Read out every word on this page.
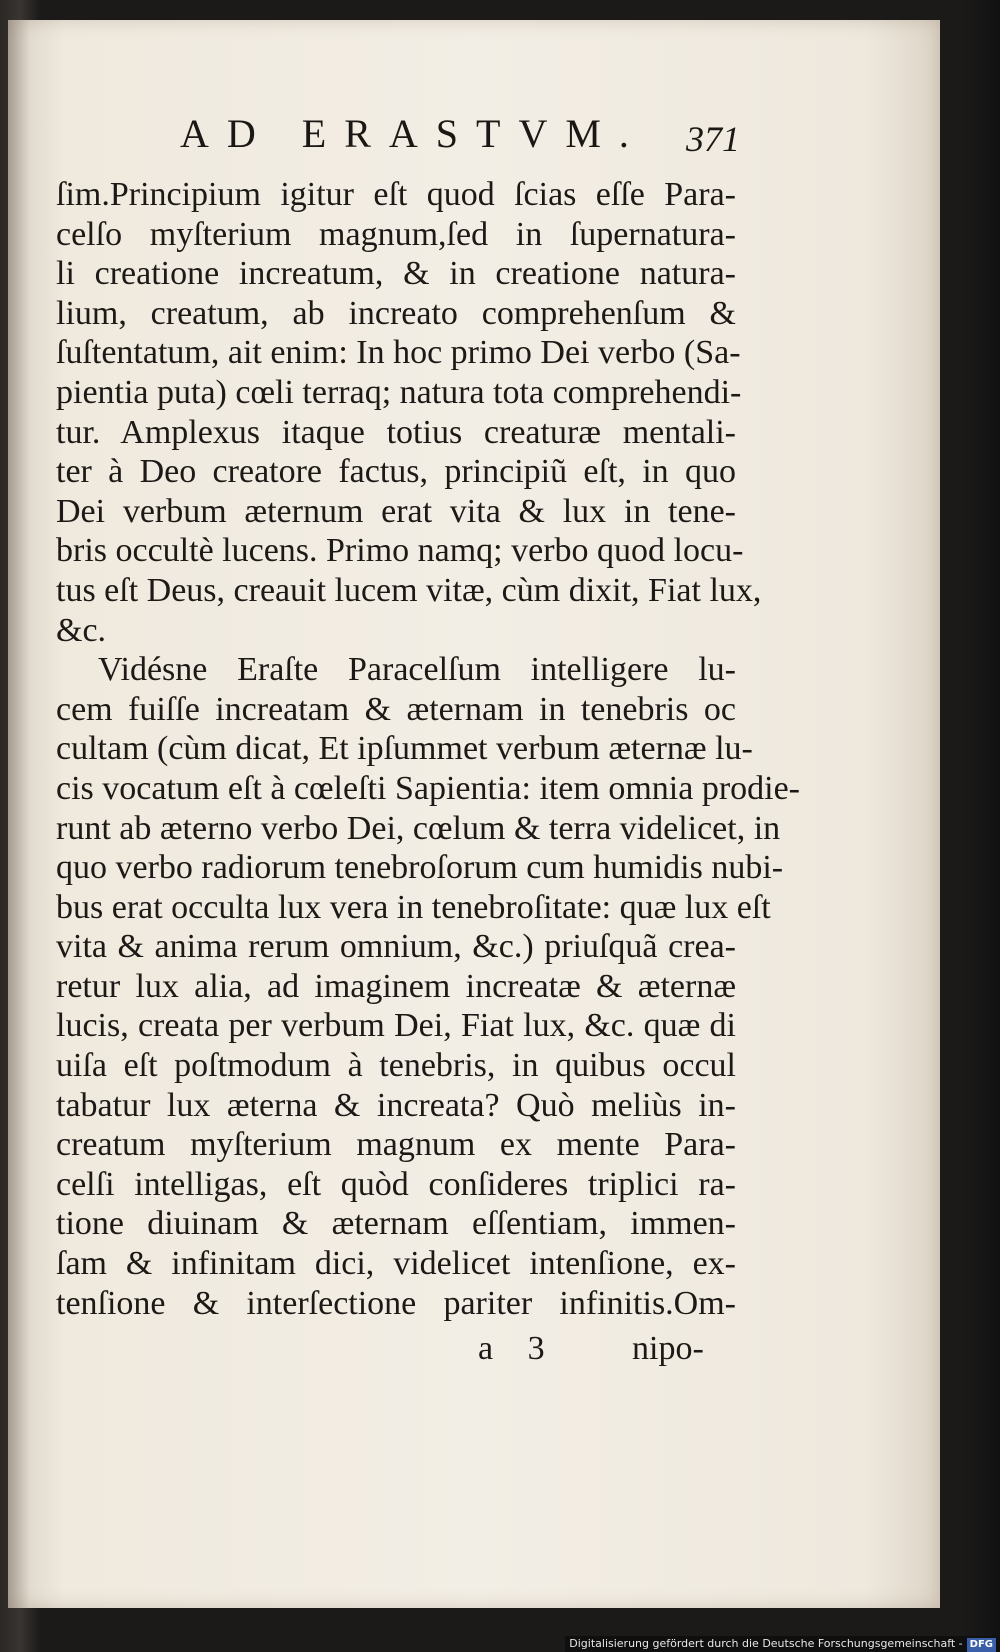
AD ERASTVM. 371
ſim.Principium igitur eſt quod ſcias eſſe Para-
celſo myſterium magnum,ſed in ſupernatura-
li creatione increatum, & in creatione natura-
lium, creatum, ab increato comprehenſum &
ſuſtentatum, ait enim: In hoc primo Dei verbo (Sa-
pientia puta) cœli terraq; natura tota comprehendi-
tur. Amplexus itaque totius creaturæ mentali-
ter à Deo creatore factus, principiũ eſt, in quo
Dei verbum æternum erat vita & lux in tene-
bris occultè lucens. Primo namq; verbo quod locu-
tus eſt Deus, creauit lucem vitæ, cùm dixit, Fiat lux,
&c.
Vidésne Eraſte Paracelſum intelligere lu-
cem fuiſſe increatam & æternam in tenebris oc
cultam (cùm dicat, Et ipſummet verbum æternæ lu-
cis vocatum eſt à cœleſti Sapientia: item omnia prodie-
runt ab æterno verbo Dei, cœlum & terra videlicet, in
quo verbo radiorum tenebroſorum cum humidis nubi-
bus erat occulta lux vera in tenebroſitate: quæ lux eſt
vita & anima rerum omnium, &c.) priuſquã crea-
retur lux alia, ad imaginem increatæ & æternæ
lucis, creata per verbum Dei, Fiat lux, &c. quæ di
uiſa eſt poſtmodum à tenebris, in quibus occul
tabatur lux æterna & increata? Quò meliùs in-
creatum myſterium magnum ex mente Para-
celſi intelligas, eſt quòd conſideres triplici ra-
tione diuinam & æternam eſſentiam, immen-
ſam & infinitam dici, videlicet intenſione, ex-
tenſione & interſectione pariter infinitis.Om-
a 3	nipo-
Digitalisierung gefördert durch die Deutsche Forschungsgemeinschaft - DFG
